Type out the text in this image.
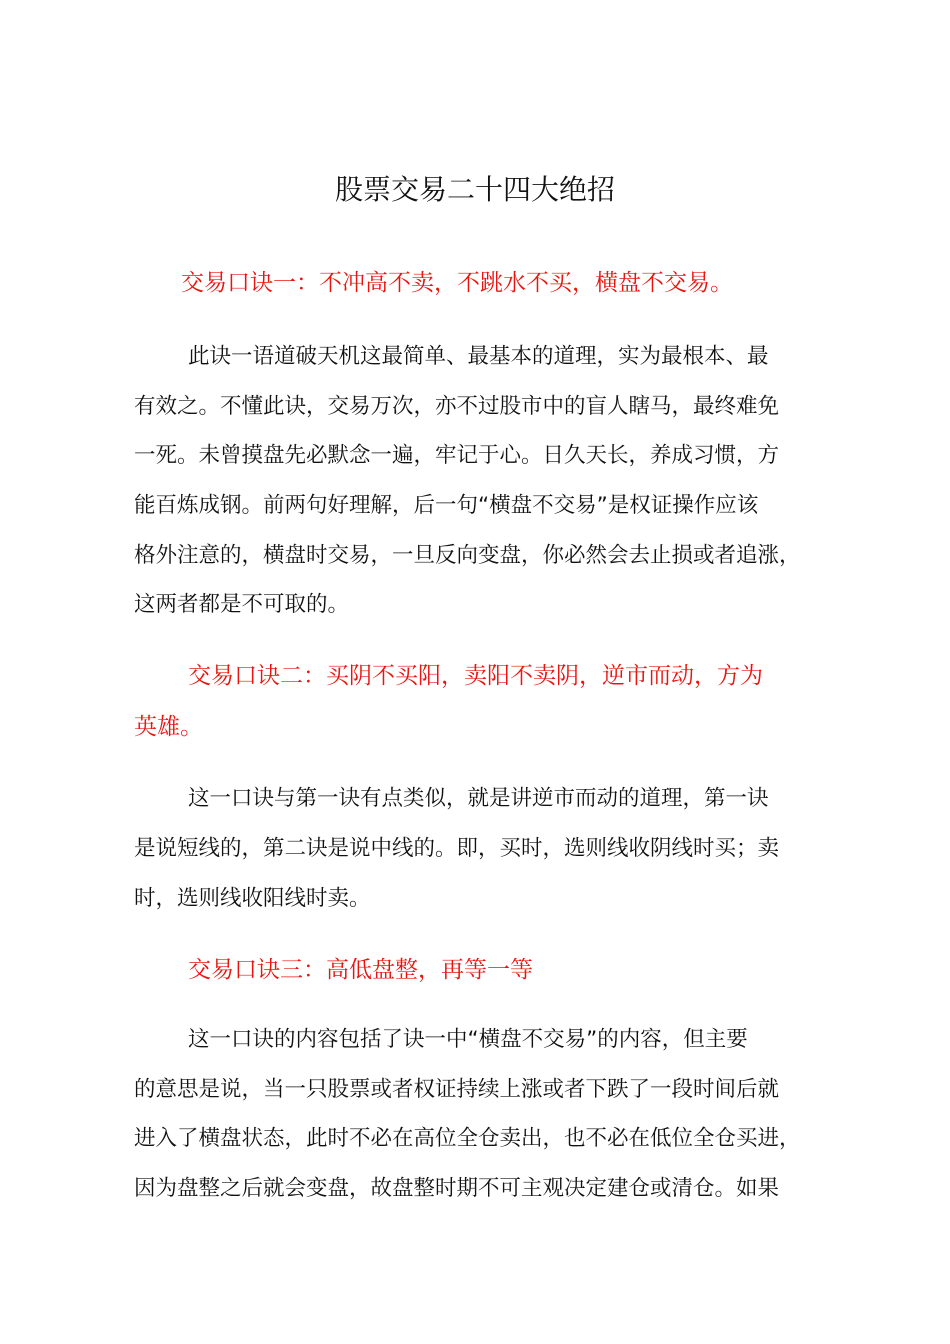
股票交易二十四大绝招
交易口诀一：不冲高不卖，不跳水不买，横盘不交易。
此诀一语道破天机这最简单、最基本的道理，实为最根本、最
有效之。不懂此诀，交易万次，亦不过股市中的盲人瞎马，最终难免
一死。未曾摸盘先必默念一遍，牢记于心。日久天长，养成习惯，方
能百炼成钢。前两句好理解，后一句“横盘不交易”是权证操作应该
格外注意的，横盘时交易，一旦反向变盘，你必然会去止损或者追涨，
这两者都是不可取的。
交易口诀二：买阴不买阳，卖阳不卖阴，逆市而动，方为
英雄。
这一口诀与第一诀有点类似，就是讲逆市而动的道理，第一诀
是说短线的，第二诀是说中线的。即，买时，选则线收阴线时买；卖
时，选则线收阳线时卖。
交易口诀三：高低盘整，再等一等
这一口诀的内容包括了诀一中“横盘不交易”的内容，但主要
的意思是说，当一只股票或者权证持续上涨或者下跌了一段时间后就
进入了横盘状态，此时不必在高位全仓卖出，也不必在低位全仓买进，
因为盘整之后就会变盘，故盘整时期不可主观决定建仓或清仓。如果
